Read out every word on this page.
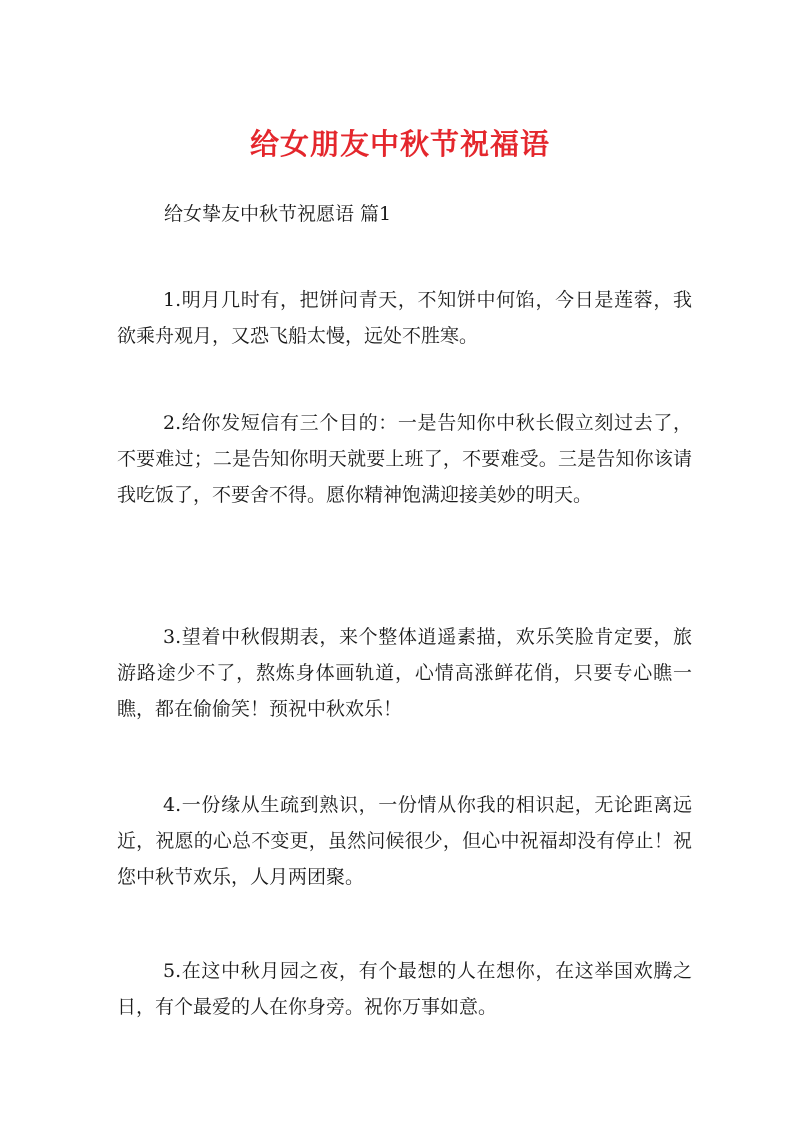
给女朋友中秋节祝福语
给女挚友中秋节祝愿语 篇1
1.明月几时有，把饼问青天，不知饼中何馅，今日是莲蓉，我欲乘舟观月，又恐飞船太慢，远处不胜寒。
2.给你发短信有三个目的：一是告知你中秋长假立刻过去了，不要难过；二是告知你明天就要上班了，不要难受。三是告知你该请我吃饭了，不要舍不得。愿你精神饱满迎接美妙的明天。
3.望着中秋假期表，来个整体逍遥素描，欢乐笑脸肯定要，旅游路途少不了，熬炼身体画轨道，心情高涨鲜花俏，只要专心瞧一瞧，都在偷偷笑！预祝中秋欢乐！
4.一份缘从生疏到熟识，一份情从你我的相识起，无论距离远近，祝愿的心总不变更，虽然问候很少，但心中祝福却没有停止！祝您中秋节欢乐，人月两团聚。
5.在这中秋月园之夜，有个最想的人在想你，在这举国欢腾之日，有个最爱的人在你身旁。祝你万事如意。
